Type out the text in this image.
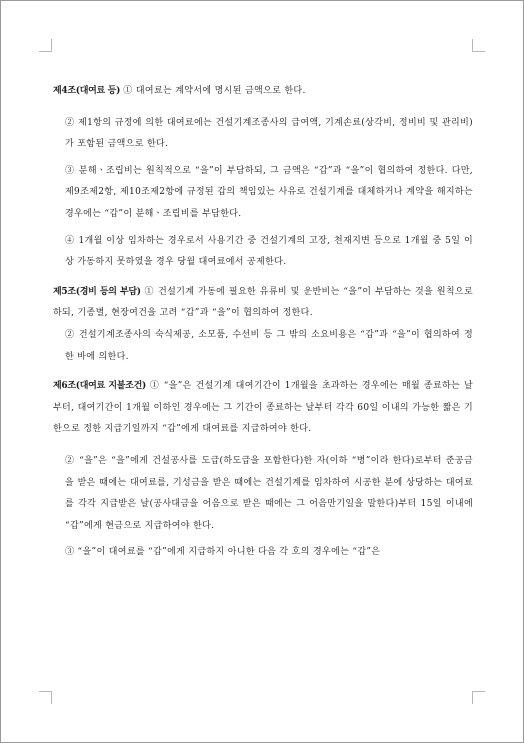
제4조(대여료 등) ① 대여료는 계약서에 명시된 금액으로 한다.

② 제1항의 규정에 의한 대여료에는 건설기계조종사의 급여액, 기계손료(상각비, 정비비 및 관리비)가 포함된 금액으로 한다.

③ 분해ㆍ조립비는 원칙적으로 “을”이 부담하되, 그 금액은 “갑”과 “을”이 협의하여 정한다. 다만, 제9조제2항, 제10조제2항에 규정된 갑의 책임있는 사유로 건설기계를 대체하거나 계약을 해지하는 경우에는 “갑”이 분해ㆍ조립비를 부담한다.

④ 1개월 이상 임차하는 경우로서 사용기간 중 건설기계의 고장, 천재지변 등으로 1개월 중 5일 이상 가동하지 못하였을 경우 당월 대여료에서 공제한다.

제5조(경비 등의 부담) ① 건설기계 가동에 필요한 유류비 및 운반비는 “을”이 부담하는 것을 원칙으로 하되, 기종별, 현장여건을 고려 “갑”과 “을”이 협의하여 정한다.

② 건설기계조종사의 숙식제공, 소모품, 수선비 등 그 밖의 소요비용은 “갑”과 “을”이 협의하여 정한 바에 의한다.

제6조(대여료 지불조건) ① “을”은 건설기계 대여기간이 1개월을 초과하는 경우에는 매월 종료하는 날부터, 대여기간이 1개월 이하인 경우에는 그 기간이 종료하는 날부터 각각 60일 이내의 가능한 짧은 기한으로 정한 지급기일까지 “갑”에게 대여료를 지급하여야 한다.

② “을”은 “을”에게 건설공사를 도급(하도급을 포함한다)한 자(이하 “병”이라 한다)로부터 준공금을 받은 때에는 대여료를, 기성금을 받은 때에는 건설기계를 임차하여 시공한 분에 상당하는 대여료를 각각 지급받은 날(공사대금을 어음으로 받은 때에는 그 어음만기일을 말한다)부터 15일 이내에 “갑”에게 현금으로 지급하여야 한다.

③ “을”이 대여료를 “갑”에게 지급하지 아니한 다음 각 호의 경우에는 “갑”은
